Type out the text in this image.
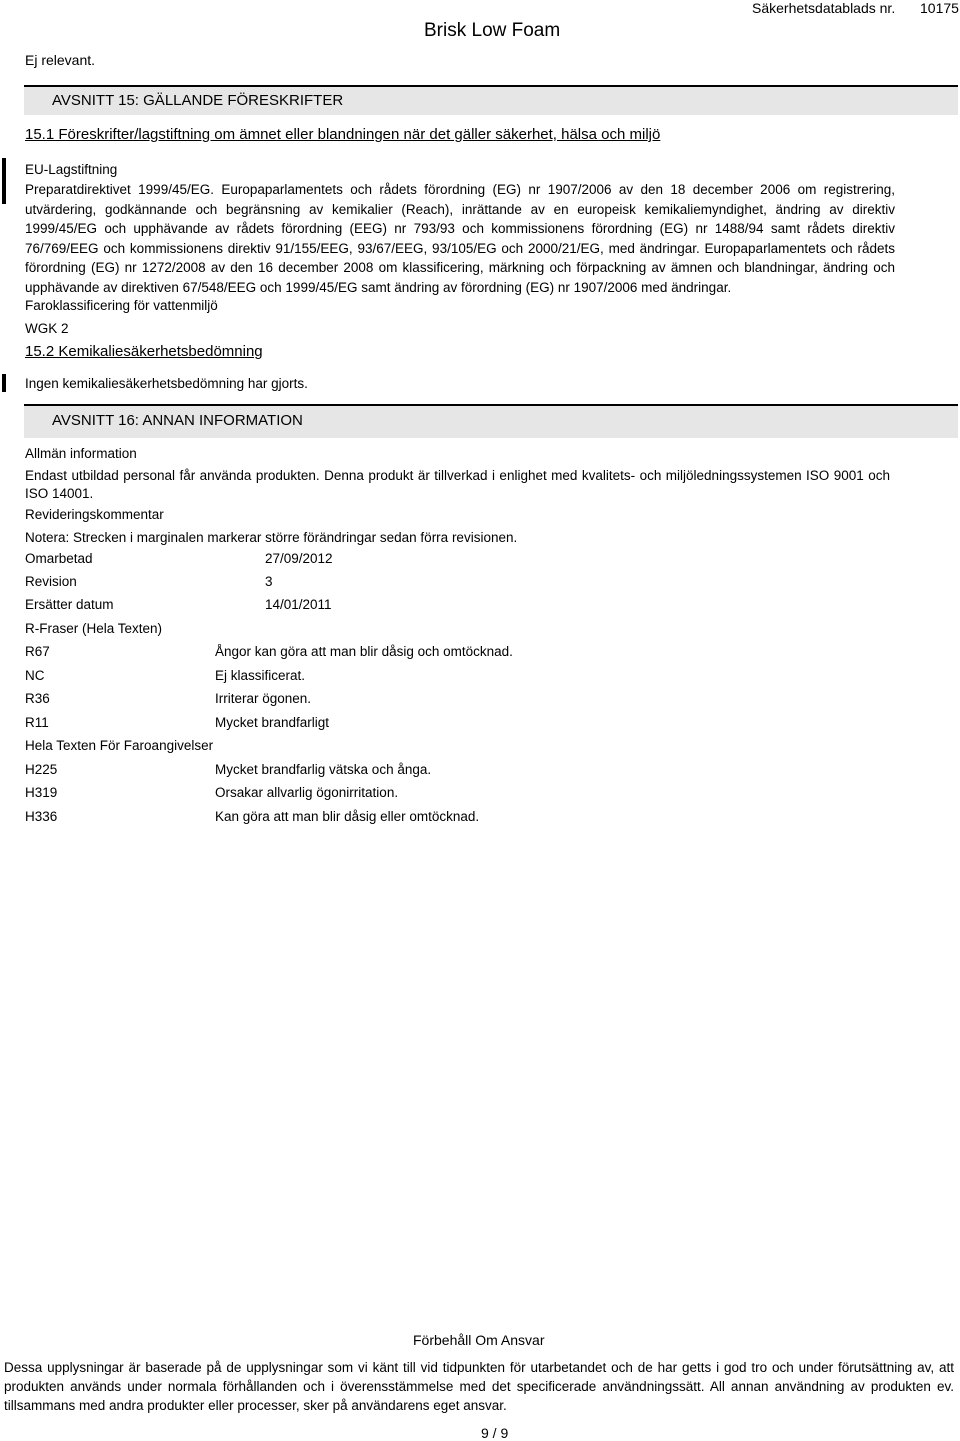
Säkerhetsdatablads nr. 10175
Brisk Low Foam
Ej relevant.
AVSNITT 15: GÄLLANDE FÖRESKRIFTER
15.1 Föreskrifter/lagstiftning om ämnet eller blandningen när det gäller säkerhet, hälsa och miljö
EU-Lagstiftning
Preparatdirektivet 1999/45/EG. Europaparlamentets och rådets förordning (EG) nr 1907/2006 av den 18 december 2006 om registrering, utvärdering, godkännande och begränsning av kemikalier (Reach), inrättande av en europeisk kemikaliemyndighet, ändring av direktiv 1999/45/EG och upphävande av rådets förordning (EEG) nr 793/93 och kommissionens förordning (EG) nr 1488/94 samt rådets direktiv 76/769/EEG och kommissionens direktiv 91/155/EEG, 93/67/EEG, 93/105/EG och 2000/21/EG, med ändringar. Europaparlamentets och rådets förordning (EG) nr 1272/2008 av den 16 december 2008 om klassificering, märkning och förpackning av ämnen och blandningar, ändring och upphävande av direktiven 67/548/EEG och 1999/45/EG samt ändring av förordning (EG) nr 1907/2006 med ändringar.
Faroklassificering för vattenmiljö
WGK 2
15.2 Kemikaliesäkerhetsbedömning
Ingen kemikaliesäkerhetsbedömning har gjorts.
AVSNITT 16: ANNAN INFORMATION
Allmän information
Endast utbildad personal får använda produkten. Denna produkt är tillverkad i enlighet med kvalitets- och miljöledningssystemen ISO 9001 och ISO 14001.
Revideringskommentar
Notera: Strecken i marginalen markerar större förändringar sedan förra revisionen.
Omarbetad	27/09/2012
Revision	3
Ersätter datum	14/01/2011
R-Fraser (Hela Texten)
R67	Ångor kan göra att man blir dåsig och omtöcknad.
NC	Ej klassificerat.
R36	Irriterar ögonen.
R11	Mycket brandfarligt
Hela Texten För Faroangivelser
H225	Mycket brandfarlig vätska och ånga.
H319	Orsakar allvarlig ögonirritation.
H336	Kan göra att man blir dåsig eller omtöcknad.
Förbehåll Om Ansvar
Dessa upplysningar är baserade på de upplysningar som vi känt till vid tidpunkten för utarbetandet och de har getts i god tro och under förutsättning av, att produkten används under normala förhållanden och i överensstämmelse med det specificerade användningssätt. All annan användning av produkten ev. tillsammans med andra produkter eller processer, sker på användarens eget ansvar.
9 / 9
